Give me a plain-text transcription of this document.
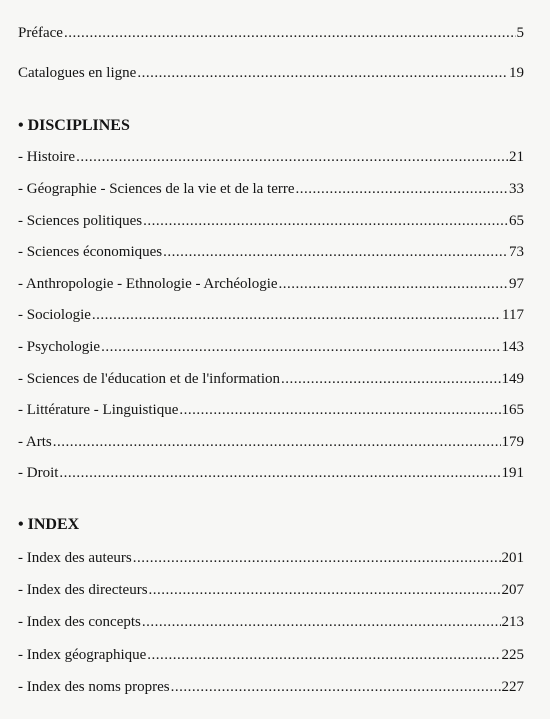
Préface .....	5
Catalogues en ligne .....	19
• DISCIPLINES
- Histoire .....	21
- Géographie - Sciences de la vie et de la terre .....	33
- Sciences politiques .....	65
- Sciences économiques .....	73
- Anthropologie - Ethnologie - Archéologie .....	97
- Sociologie .....	117
- Psychologie .....	143
- Sciences de l'éducation et de l'information .....	149
- Littérature - Linguistique .....	165
- Arts .....	179
- Droit .....	191
• INDEX
- Index des auteurs .....	201
- Index des directeurs .....	207
- Index des concepts .....	213
- Index géographique .....	225
- Index des noms propres .....	227
